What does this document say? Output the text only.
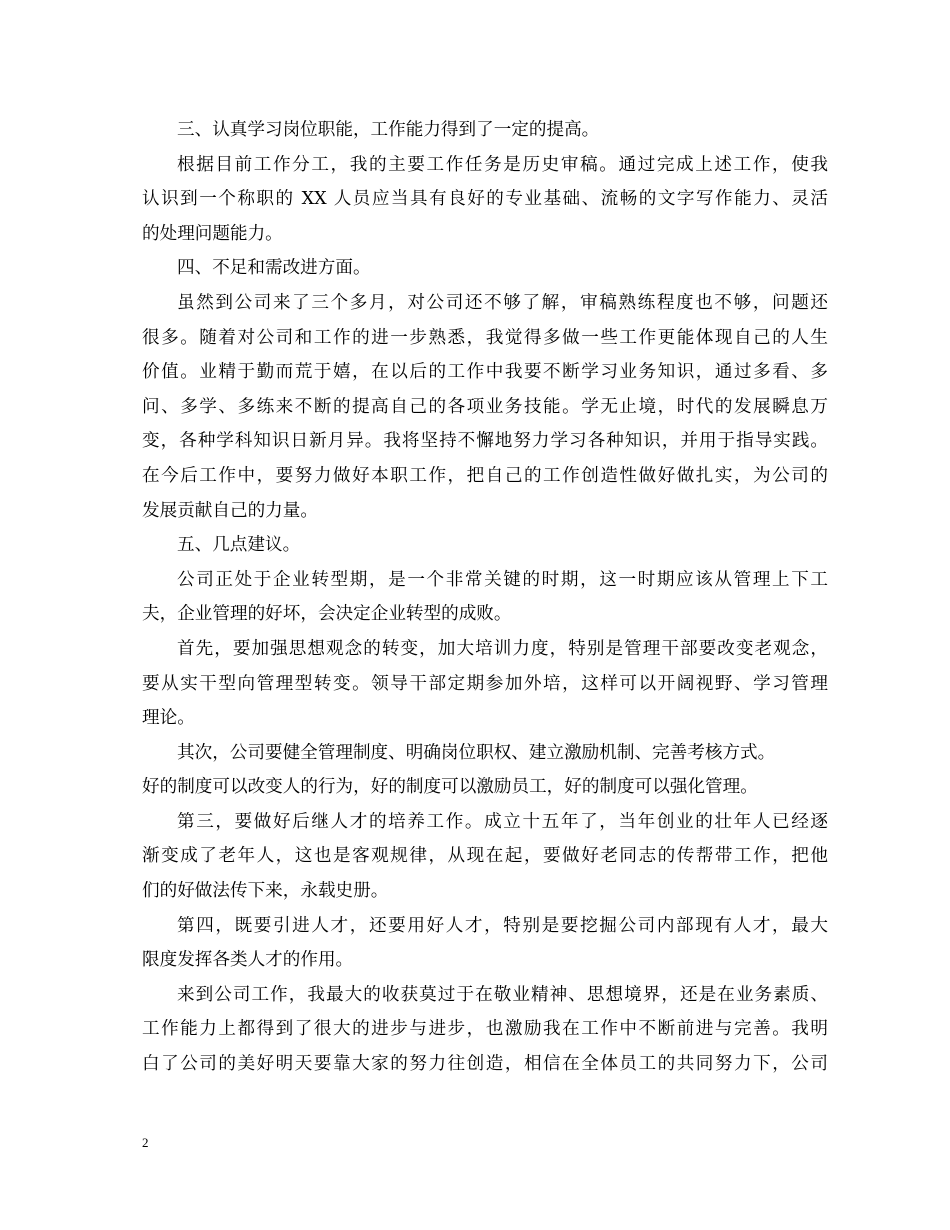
三、认真学习岗位职能，工作能力得到了一定的提高。
根据目前工作分工，我的主要工作任务是历史审稿。通过完成上述工作，使我
认识到一个称职的 XX 人员应当具有良好的专业基础、流畅的文字写作能力、灵活
的处理问题能力。
四、不足和需改进方面。
虽然到公司来了三个多月，对公司还不够了解，审稿熟练程度也不够，问题还
很多。随着对公司和工作的进一步熟悉，我觉得多做一些工作更能体现自己的人生
价值。业精于勤而荒于嬉，在以后的工作中我要不断学习业务知识，通过多看、多
问、多学、多练来不断的提高自己的各项业务技能。学无止境，时代的发展瞬息万
变，各种学科知识日新月异。我将坚持不懈地努力学习各种知识，并用于指导实践。
在今后工作中，要努力做好本职工作，把自己的工作创造性做好做扎实，为公司的
发展贡献自己的力量。
五、几点建议。
公司正处于企业转型期，是一个非常关键的时期，这一时期应该从管理上下工
夫，企业管理的好坏，会决定企业转型的成败。
首先，要加强思想观念的转变，加大培训力度，特别是管理干部要改变老观念，
要从实干型向管理型转变。领导干部定期参加外培，这样可以开阔视野、学习管理
理论。
其次，公司要健全管理制度、明确岗位职权、建立激励机制、完善考核方式。
好的制度可以改变人的行为，好的制度可以激励员工，好的制度可以强化管理。
第三，要做好后继人才的培养工作。成立十五年了，当年创业的壮年人已经逐
渐变成了老年人，这也是客观规律，从现在起，要做好老同志的传帮带工作，把他
们的好做法传下来，永载史册。
第四，既要引进人才，还要用好人才，特别是要挖掘公司内部现有人才，最大
限度发挥各类人才的作用。
来到公司工作，我最大的收获莫过于在敬业精神、思想境界，还是在业务素质、
工作能力上都得到了很大的进步与进步，也激励我在工作中不断前进与完善。我明
白了公司的美好明天要靠大家的努力往创造，相信在全体员工的共同努力下，公司
2
